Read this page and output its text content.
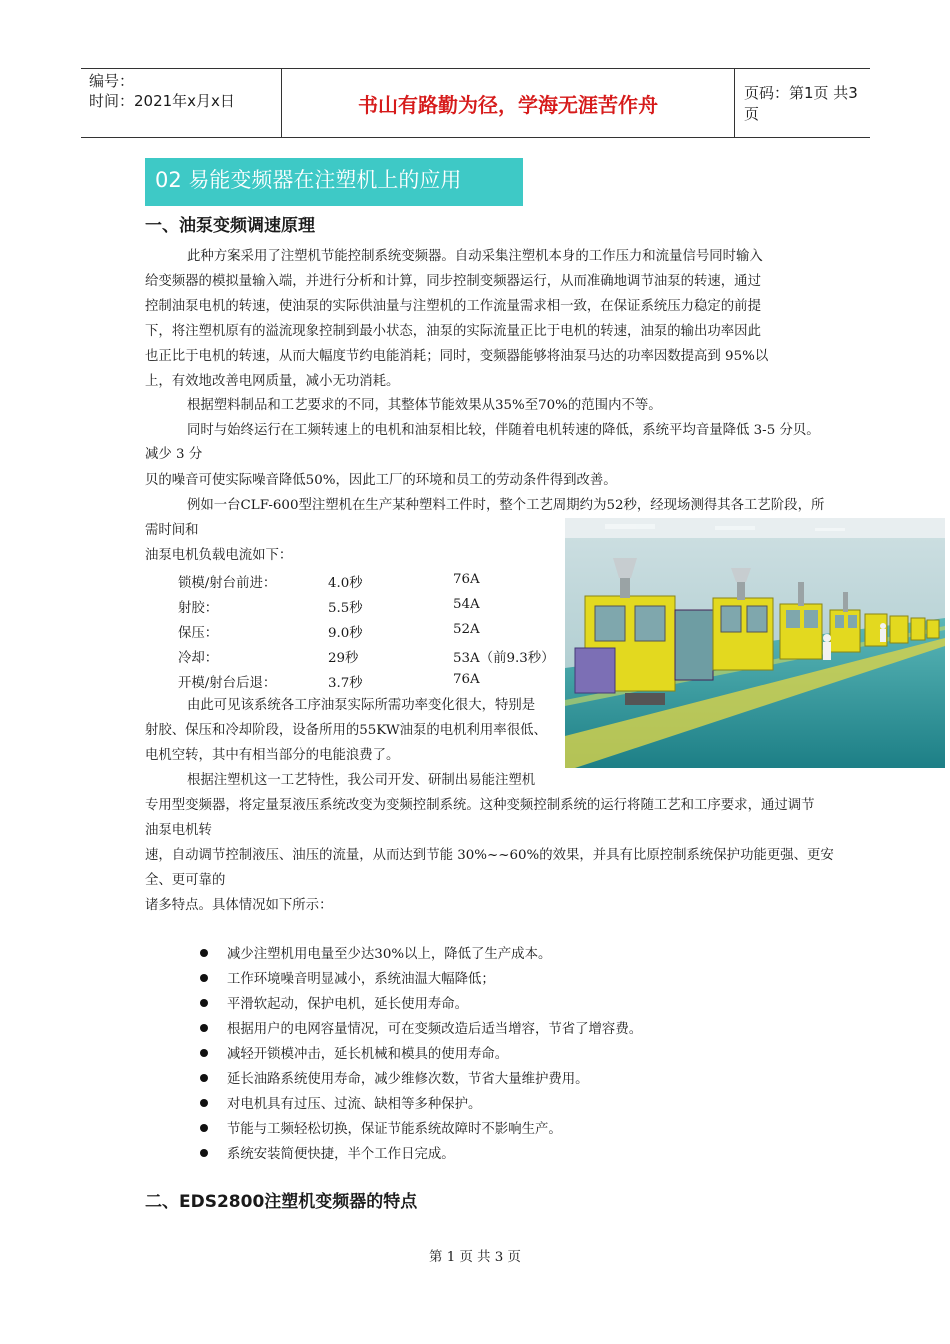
编号：
时间：2021年x月x日	书山有路勤为径，学海无涯苦作舟	页码：第1页 共3页
02 易能变频器在注塑机上的应用
一、油泵变频调速原理
此种方案采用了注塑机节能控制系统变频器。自动采集注塑机本身的工作压力和流量信号同时输入
给变频器的模拟量输入端，并进行分析和计算，同步控制变频器运行，从而准确地调节油泵的转速，通过
控制油泵电机的转速，使油泵的实际供油量与注塑机的工作流量需求相一致，在保证系统压力稳定的前提
下，将注塑机原有的溢流现象控制到最小状态，油泵的实际流量正比于电机的转速，油泵的输出功率因此
也正比于电机的转速，从而大幅度节约电能消耗；同时，变频器能够将油泵马达的功率因数提高到 95%以
上，有效地改善电网质量，减小无功消耗。
根据塑料制品和工艺要求的不同，其整体节能效果从35%至70%的范围内不等。
同时与始终运行在工频转速上的电机和油泵相比较，伴随着电机转速的降低，系统平均音量降低 3-5 分贝。
减少 3 分
贝的噪音可使实际噪音降低50%，因此工厂的环境和员工的劳动条件得到改善。
例如一台CLF-600型注塑机在生产某种塑料工件时，整个工艺周期约为52秒，经现场测得其各工艺阶段，所
需时间和
油泵电机负载电流如下：
锁模/射台前进：	4.0秒	76A
射胶：	5.5秒	54A
保压：	9.0秒	52A
冷却：	29秒	53A（前9.3秒）
开模/射台后退：	3.7秒	76A
由此可见该系统各工序油泵实际所需功率变化很大，特别是
射胶、保压和冷却阶段，设备所用的55KW油泵的电机利用率很低、
电机空转，其中有相当部分的电能浪费了。
根据注塑机这一工艺特性，我公司开发、研制出易能注塑机
专用型变频器，将定量泵液压系统改变为变频控制系统。这种变频控制系统的运行将随工艺和工序要求，通过调节
油泵电机转
速，自动调节控制液压、油压的流量，从而达到节能 30%~~60%的效果，并具有比原控制系统保护功能更强、更安
全、更可靠的
诸多特点。具体情况如下所示：
减少注塑机用电量至少达30%以上，降低了生产成本。
工作环境噪音明显减小，系统油温大幅降低；
平滑软起动，保护电机，延长使用寿命。
根据用户的电网容量情况，可在变频改造后适当增容，节省了增容费。
减轻开锁模冲击，延长机械和模具的使用寿命。
延长油路系统使用寿命，减少维修次数，节省大量维护费用。
对电机具有过压、过流、缺相等多种保护。
节能与工频轻松切换，保证节能系统故障时不影响生产。
系统安装简便快捷，半个工作日完成。
二、EDS2800注塑机变频器的特点
第 1 页 共 3 页
